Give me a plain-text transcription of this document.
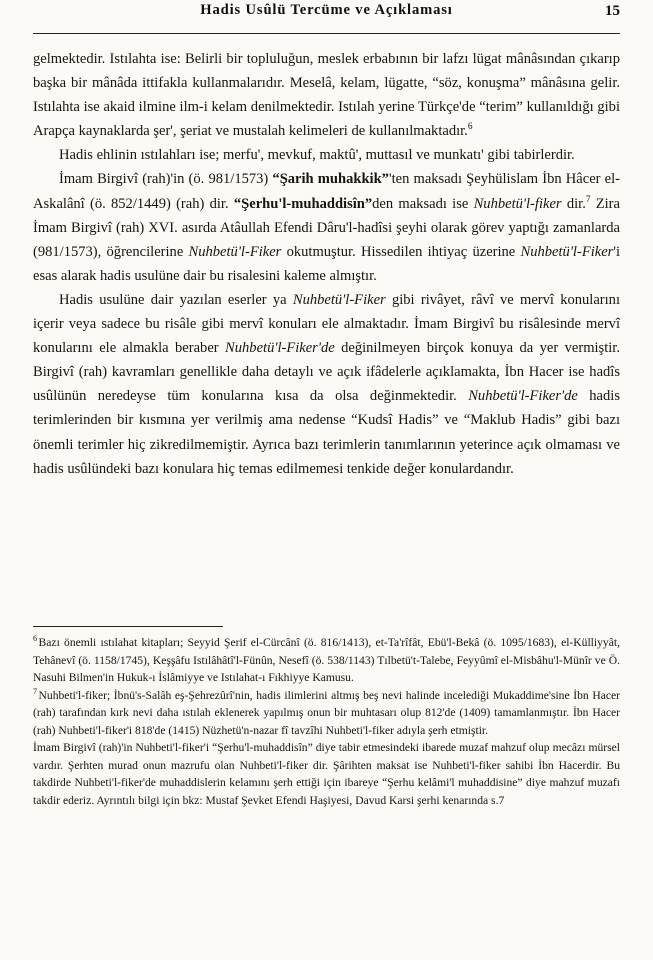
Hadis Usûlü Tercüme ve Açıklaması	15

gelmektedir. Istılahta ise: Belirli bir topluluğun, meslek erbabının bir lafzı lügat mânâsından çıkarıp başka bir mânâda ittifakla kullanmalarıdır. Meselâ, kelam, lügatte, “söz, konuşma” mânâsına gelir. Istılahta ise akaid ilmine ilm-i kelam denilmektedir. Istılah yerine Türkçe'de “terim” kullanıldığı gibi Arapça kaynaklarda şer', şeriat ve mustalah kelimeleri de kullanılmaktadır.$^6$

Hadis ehlinin ıstılahları ise; merfu', mevkuf, maktû', muttasıl ve munkatı' gibi tabirlerdir.

İmam Birgivî (rah)'in (ö. 981/1573) “Şarih muhakkik”'ten maksadı Şeyhülislam İbn Hâcer el-Askalânî (ö. 852/1449) (rah) dir. “Şerhu'l-muhaddisîn”den maksadı ise Nuhbetü'l-fiker dir.$^7$ Zira İmam Birgivî (rah) XVI. asırda Atâullah Efendi Dâru'l-hadîsi şeyhi olarak görev yaptığı zamanlarda (981/1573), öğrencilerine Nuhbetü'l-Fiker okutmuştur. Hissedilen ihtiyaç üzerine Nuhbetü'l-Fiker'i esas alarak hadis usulüne dair bu risalesini kaleme almıştır.

Hadis usulüne dair yazılan eserler ya Nuhbetü'l-Fiker gibi rivâyet, râvî ve mervî konularını içerir veya sadece bu risâle gibi mervî konuları ele almaktadır. İmam Birgivî bu risâlesinde mervî konularını ele almakla beraber Nuhbetü'l-Fiker'de değinilmeyen birçok konuya da yer vermiştir. Birgivî (rah) kavramları genellikle daha detaylı ve açık ifâdelerle açıklamakta, İbn Hacer ise hadîs usûlünün neredeyse tüm konularına kısa da olsa değinmektedir. Nuhbetü'l-Fiker'de hadis terimlerinden bir kısmına yer verilmiş ama nedense “Kudsî Hadis” ve “Maklub Hadis” gibi bazı önemli terimler hiç zikredilmemiştir. Ayrıca bazı terimlerin tanımlarının yeterince açık olmaması ve hadis usûlündeki bazı konulara hiç temas edilmemesi tenkide değer konulardandır.

$^6$Bazı önemli ıstılahat kitapları; Seyyid Şerif el-Cürcânî (ö. 816/1413), et-Ta'rîfât, Ebü'l-Bekâ (ö. 1095/1683), el-Külliyyât, Tehânevî (ö. 1158/1745), Keşşâfu Istılâhâtî'l-Fünûn, Nesefî (ö. 538/1143) Tılbetü't-Talebe, Feyyûmî el-Misbâhu'l-Münîr ve Ö. Nasuhi Bilmen'in Hukuk-ı İslâmiyye ve Istılahat-ı Fıkhiyye Kamusu.

$^7$Nuhbeti'l-fiker; İbnü's-Salâh eş-Şehrezûrî'nin, hadis ilimlerini altmış beş nevi halinde incelediği Mukaddime'sine İbn Hacer (rah) tarafından kırk nevi daha ıstılah eklenerek yapılmış onun bir muhtasarı olup 812'de (1409) tamamlanmıştır. İbn Hacer (rah) Nuhbeti'l-fiker'i 818'de (1415) Nüzhetü'n-nazar fî tavzîhi Nuhbeti'l-fiker adıyla şerh etmiştir.

İmam Birgivî (rah)'in Nuhbeti'l-fiker'i “Şerhu'l-muhaddisîn” diye tabir etmesindeki ibarede muzaf mahzuf olup mecâzı mürsel vardır. Şerhten murad onun mazrufu olan Nuhbeti'l-fiker dir. Şârihten maksat ise Nuhbeti'l-fiker sahibi İbn Hacerdir. Bu takdirde Nuhbeti'l-fiker'de muhaddislerin kelamını şerh ettiği için ibareye “Şerhu kelâmi'l muhaddisine” diye mahzuf muzafı takdir ederiz. Ayrıntılı bilgi için bkz: Mustaf Şevket Efendi Haşiyesi, Davud Karsi şerhi kenarında s.7
